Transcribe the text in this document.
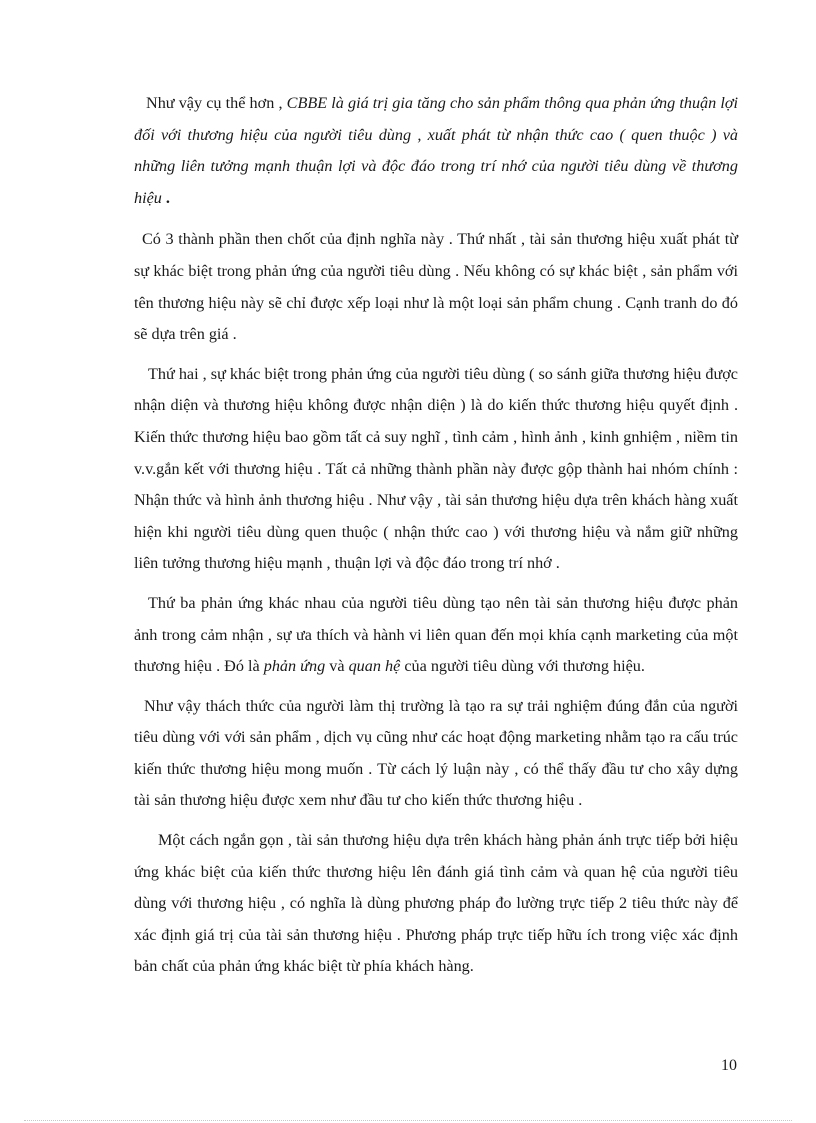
Như vậy cụ thể hơn , CBBE là giá trị gia tăng cho sản phẩm thông qua phản ứng thuận lợi đối với thương hiệu của người tiêu dùng , xuất phát từ nhận thức cao ( quen thuộc ) và những liên tưởng mạnh thuận lợi và độc đáo trong trí nhớ của người tiêu dùng về thương hiệu .

Có 3 thành phần then chốt của định nghĩa này . Thứ nhất , tài sản thương hiệu xuất phát từ sự khác biệt trong phản ứng của người tiêu dùng . Nếu không có sự khác biệt , sản phẩm với tên thương hiệu này sẽ chỉ được xếp loại như là một loại sản phẩm chung . Cạnh tranh do đó sẽ dựa trên giá .

Thứ hai , sự khác biệt trong phản ứng của người tiêu dùng ( so sánh giữa thương hiệu được nhận diện và thương hiệu không được nhận diện ) là do kiến thức thương hiệu quyết định . Kiến thức thương hiệu bao gồm tất cả suy nghĩ , tình cảm , hình ảnh , kinh gnhiệm , niềm tin v.v.gắn kết với thương hiệu . Tất cả những thành phần này được gộp thành hai nhóm chính : Nhận thức và hình ảnh thương hiệu . Như vậy , tài sản thương hiệu dựa trên khách hàng xuất hiện khi người tiêu dùng quen thuộc ( nhận thức cao ) với thương hiệu và nắm giữ những liên tưởng thương hiệu mạnh , thuận lợi và độc đáo trong trí nhớ .

Thứ ba phản ứng khác nhau của người tiêu dùng tạo nên tài sản thương hiệu được phản ảnh trong cảm nhận , sự ưa thích và hành vi liên quan đến mọi khía cạnh marketing của một thương hiệu . Đó là phản ứng và quan hệ của người tiêu dùng với thương hiệu.

Như vậy thách thức của người làm thị trường là tạo ra sự trải nghiệm đúng đắn của người tiêu dùng với với sản phẩm , dịch vụ cũng như các hoạt động marketing nhằm tạo ra cấu trúc kiến thức thương hiệu mong muốn . Từ cách lý luận này , có thể thấy đầu tư cho xây dựng tài sản thương hiệu được xem như đầu tư cho kiến thức thương hiệu .

Một cách ngắn gọn , tài sản thương hiệu dựa trên khách hàng phản ánh trực tiếp bởi hiệu ứng khác biệt của kiến thức thương hiệu lên đánh giá tình cảm và quan hệ của người tiêu dùng với thương hiệu , có nghĩa là dùng phương pháp đo lường trực tiếp 2 tiêu thức này để xác định giá trị của tài sản thương hiệu . Phương pháp trực tiếp hữu ích trong việc xác định bản chất của phản ứng khác biệt từ phía khách hàng.

10
